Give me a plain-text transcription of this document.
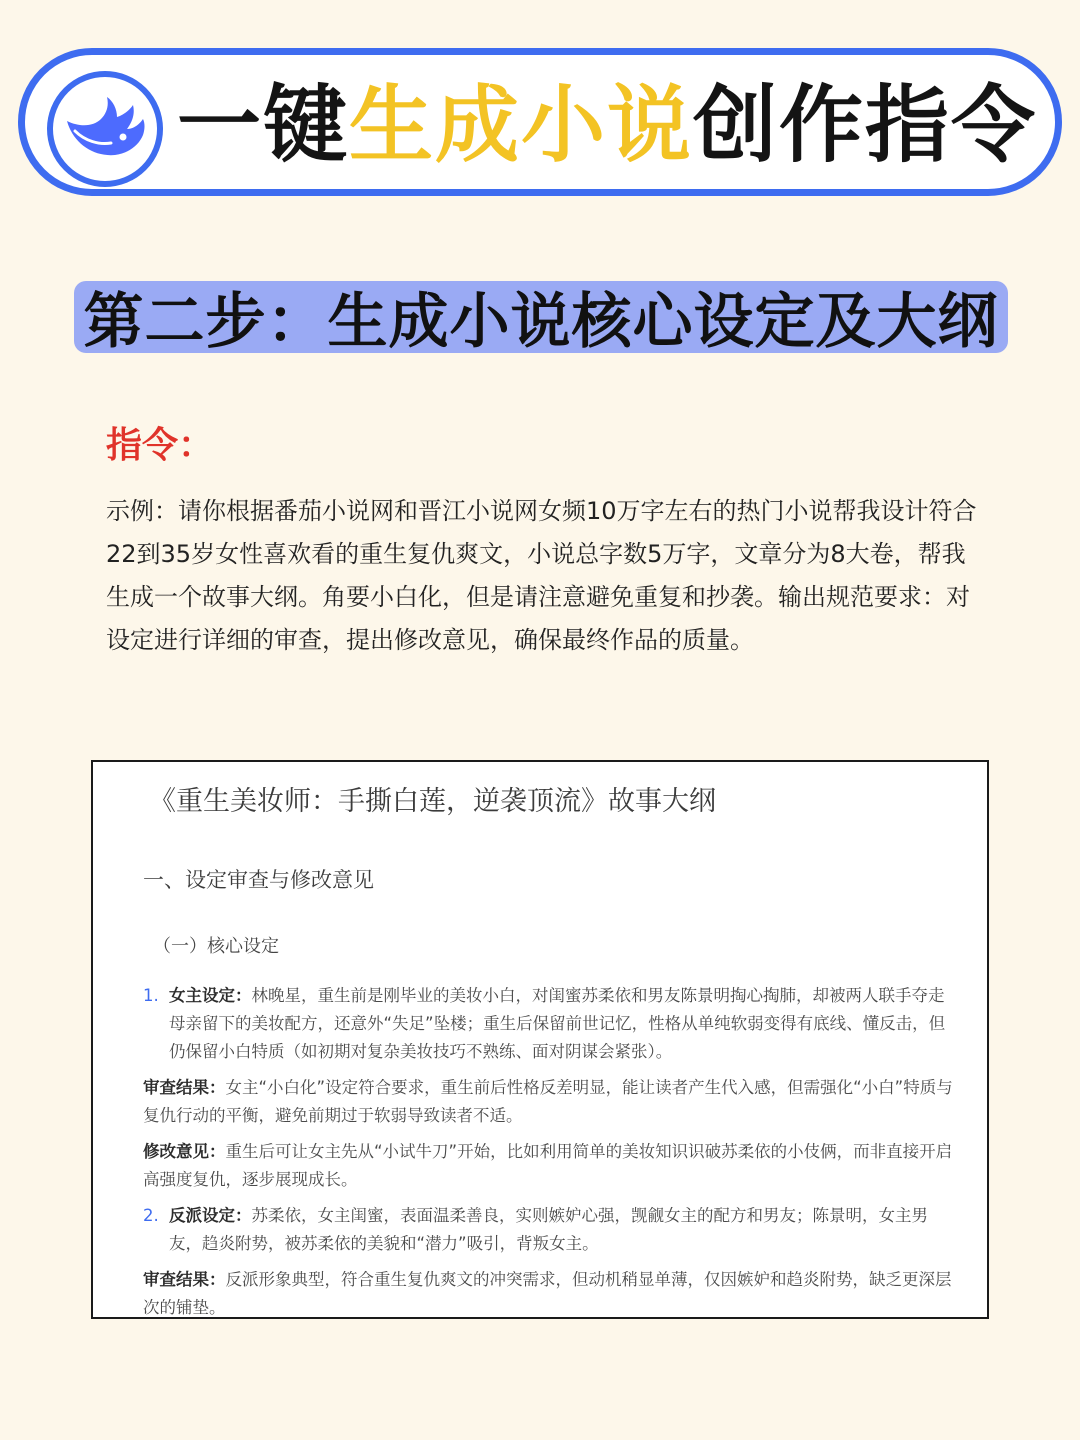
一键 生成小说 创作指令
第二步：生成小说核心设定及大纲
指令：
示例：请你根据番茄小说网和晋江小说网女频10万字左右的热门小说帮我设计符合22到35岁女性喜欢看的重生复仇爽文，小说总字数5万字，文章分为8大卷，帮我生成一个故事大纲。角要小白化，但是请注意避免重复和抄袭。输出规范要求：对设定进行详细的审查，提出修改意见，确保最终作品的质量。
《重生美妆师：手撕白莲，逆袭顶流》故事大纲
一、设定审查与修改意见
（一）核心设定
1. 女主设定：林晚星，重生前是刚毕业的美妆小白，对闺蜜苏柔依和男友陈景明掏心掏肺，却被两人联手夺走母亲留下的美妆配方，还意外“失足”坠楼；重生后保留前世记忆，性格从单纯软弱变得有底线、懂反击，但仍保留小白特质（如初期对复杂美妆技巧不熟练、面对阴谋会紧张）。
审查结果：女主“小白化”设定符合要求，重生前后性格反差明显，能让读者产生代入感，但需强化“小白”特质与复仇行动的平衡，避免前期过于软弱导致读者不适。
修改意见：重生后可让女主先从“小试牛刀”开始，比如利用简单的美妆知识识破苏柔依的小伎俩，而非直接开启高强度复仇，逐步展现成长。
2. 反派设定：苏柔依，女主闺蜜，表面温柔善良，实则嫉妒心强，觊觎女主的配方和男友；陈景明，女主男友，趋炎附势，被苏柔依的美貌和“潜力”吸引，背叛女主。
审查结果：反派形象典型，符合重生复仇爽文的冲突需求，但动机稍显单薄，仅因嫉妒和趋炎附势，缺乏更深层次的铺垫。
